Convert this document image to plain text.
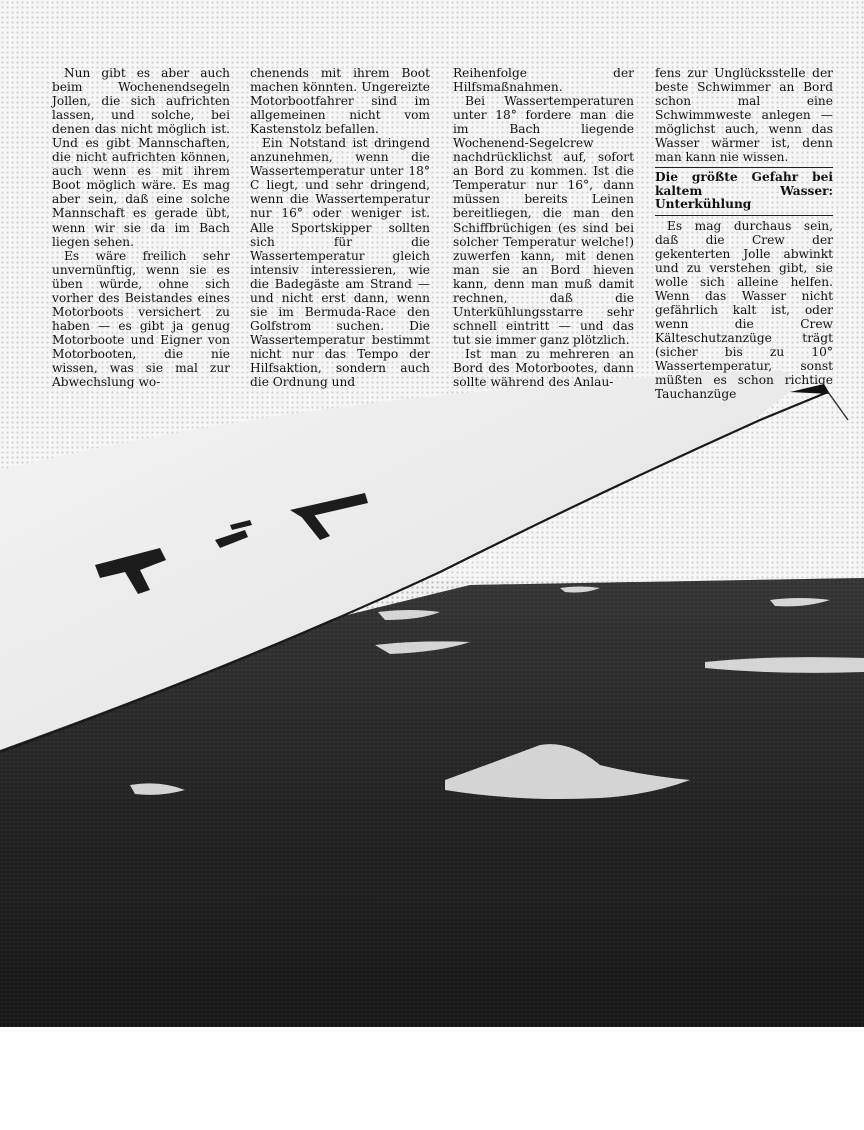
Nun gibt es aber auch beim Wochenendsegeln Jollen, die sich aufrichten lassen, und solche, bei denen das nicht möglich ist. Und es gibt Mannschaften, die nicht aufrichten können, auch wenn es mit ihrem Boot möglich wäre. Es mag aber sein, daß eine solche Mannschaft es gerade übt, wenn wir sie da im Bach liegen sehen.

Es wäre freilich sehr unvernünftig, wenn sie es üben würde, ohne sich vorher des Beistandes eines Motorboots versichert zu haben — es gibt ja genug Motorboote und Eigner von Motorbooten, die nie wissen, was sie mal zur Abwechslung wo-

chenends mit ihrem Boot machen könnten. Ungereizte Motorbootfahrer sind im allgemeinen nicht vom Kastenstolz befallen.

Ein Notstand ist dringend anzunehmen, wenn die Wassertemperatur unter 18° C liegt, und sehr dringend, wenn die Wassertemperatur nur 16° oder weniger ist. Alle Sportskipper sollten sich für die Wassertemperatur gleich intensiv interessieren, wie die Badegäste am Strand — und nicht erst dann, wenn sie im Bermuda-Race den Golfstrom suchen. Die Wassertemperatur bestimmt nicht nur das Tempo der Hilfsaktion, sondern auch die Ordnung und

Reihenfolge der Hilfsmaßnahmen.

Bei Wassertemperaturen unter 18° fordere man die im Bach liegende Wochenend-Segelcrew nachdrücklichst auf, sofort an Bord zu kommen. Ist die Temperatur nur 16°, dann müssen bereits Leinen bereitliegen, die man den Schiffbrüchigen (es sind bei solcher Temperatur welche!) zuwerfen kann, mit denen man sie an Bord hieven kann, denn man muß damit rechnen, daß die Unterkühlungsstarre sehr schnell eintritt — und das tut sie immer ganz plötzlich.

Ist man zu mehreren an Bord des Motorbootes, dann sollte während des Anlau-

fens zur Unglücksstelle der beste Schwimmer an Bord schon mal eine Schwimmweste anlegen — möglichst auch, wenn das Wasser wärmer ist, denn man kann nie wissen.

Die größte Gefahr bei kaltem Wasser: Unterkühlung

Es mag durchaus sein, daß die Crew der gekenterten Jolle abwinkt und zu verstehen gibt, sie wolle sich alleine helfen. Wenn das Wasser nicht gefährlich kalt ist, oder wenn die Crew Kälteschutzanzüge trägt (sicher bis zu 10° Wassertemperatur, sonst müßten es schon richtige Tauchanzüge
